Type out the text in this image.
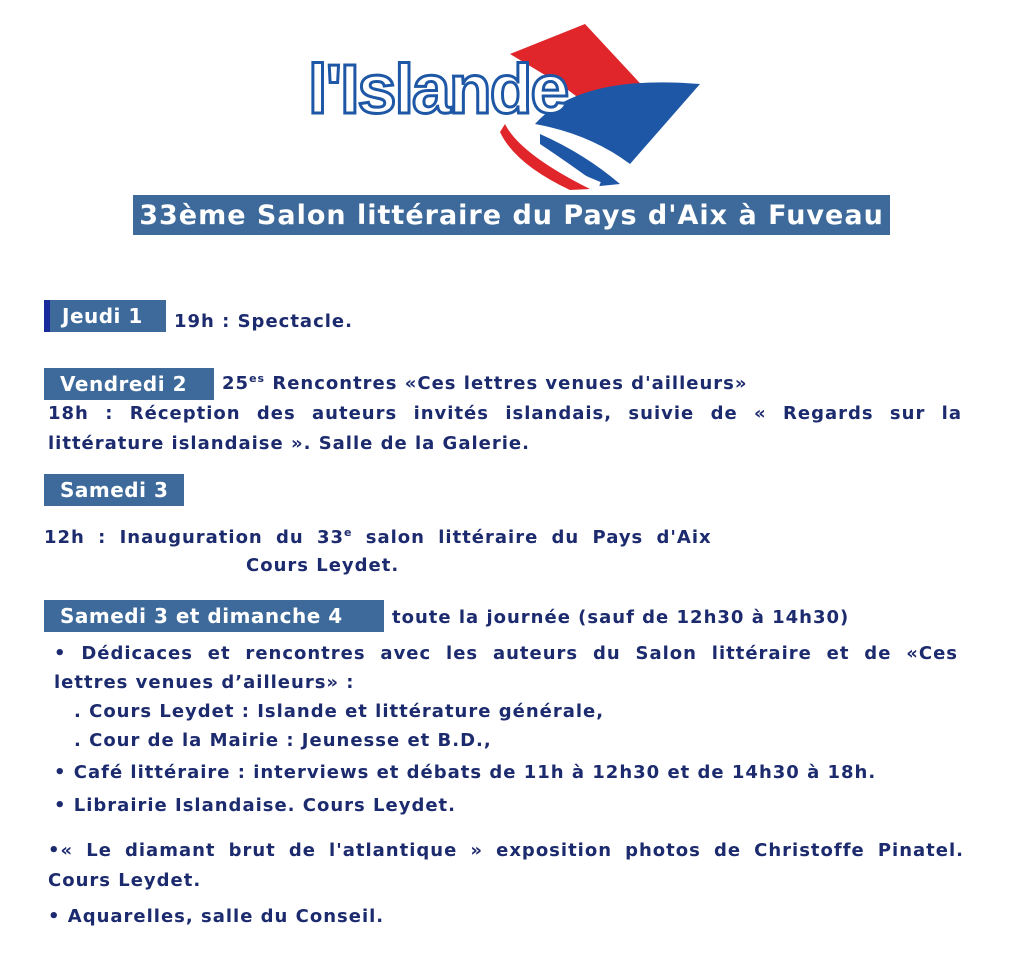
l'Islande
33ème Salon littéraire du Pays d'Aix à Fuveau
Jeudi 1	19h : Spectacle.
Vendredi 2	$25^{es}$ Rencontres «Ces lettres venues d'ailleurs»
18h : Réception des auteurs invités islandais, suivie de « Regards sur la
littérature islandaise ». Salle de la Galerie.
Samedi 3
12h : Inauguration du 33e salon littéraire du Pays d'Aix
Cours Leydet.
Samedi 3 et dimanche 4	toute la journée (sauf de 12h30 à 14h30)
• Dédicaces et rencontres avec les auteurs du Salon littéraire et de «Ces
lettres venues d’ailleurs» :
. Cours Leydet : Islande et littérature générale,
. Cour de la Mairie : Jeunesse et B.D.,
• Café littéraire : interviews et débats de 11h à 12h30 et de 14h30 à 18h.
• Librairie Islandaise. Cours Leydet.
•« Le diamant brut de l'atlantique » exposition photos de Christoffe Pinatel.
Cours Leydet.
• Aquarelles, salle du Conseil.
